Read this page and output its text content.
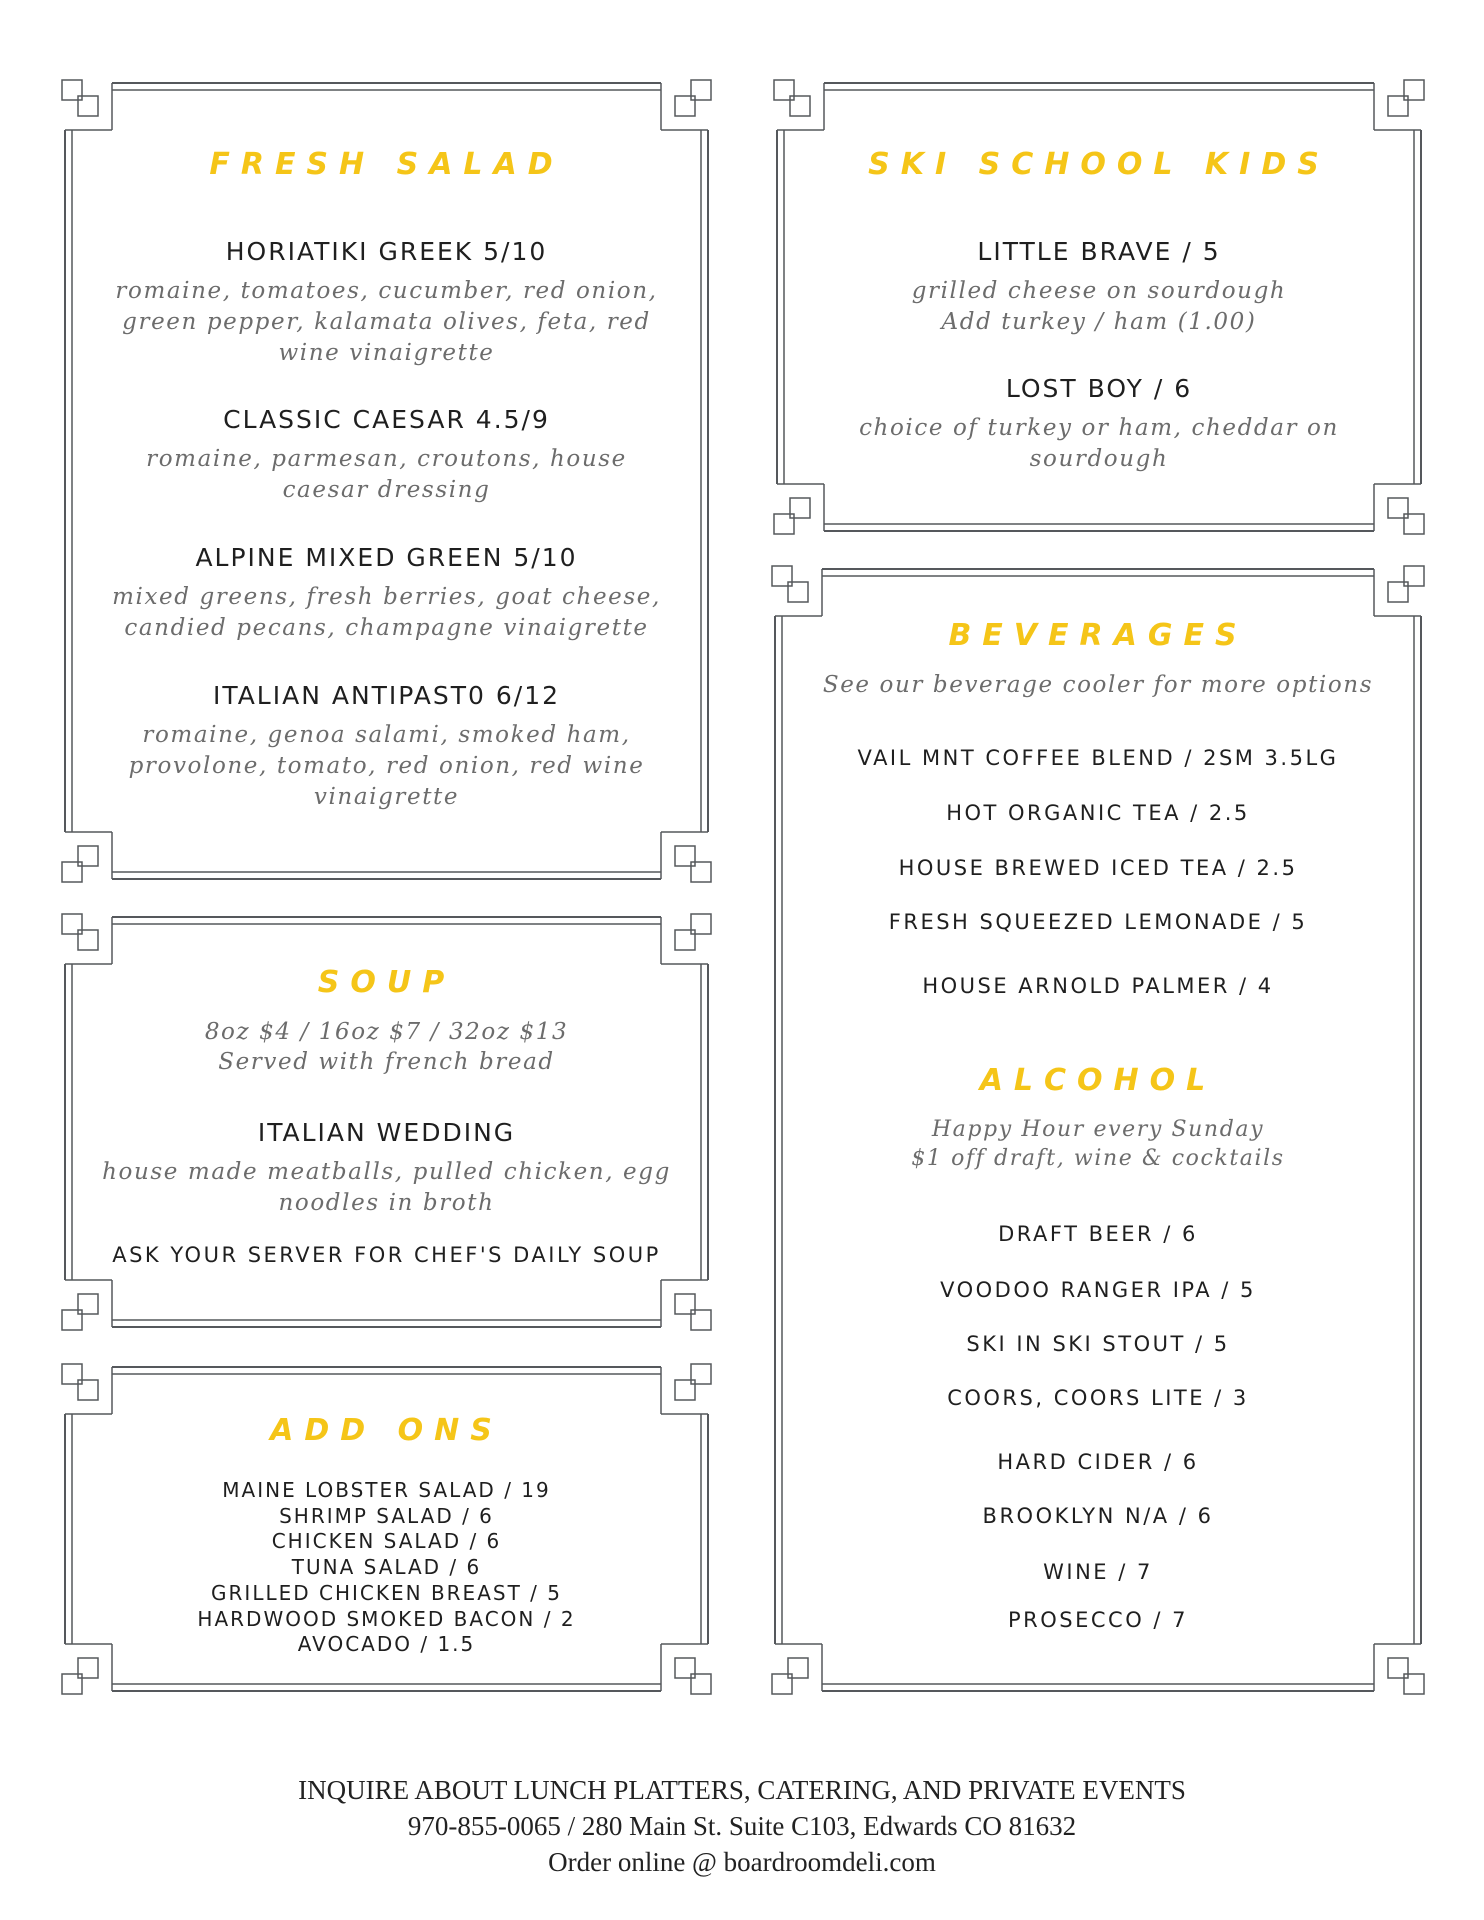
FRESH SALAD
HORIATIKI GREEK 5/10
romaine, tomatoes, cucumber, red onion,
green pepper, kalamata olives, feta, red
wine vinaigrette
CLASSIC CAESAR 4.5/9
romaine, parmesan, croutons, house
caesar dressing
ALPINE MIXED GREEN 5/10
mixed greens, fresh berries, goat cheese,
candied pecans, champagne vinaigrette
ITALIAN ANTIPAST0 6/12
romaine, genoa salami, smoked ham,
provolone, tomato, red onion, red wine
vinaigrette
SOUP
8oz $4 / 16oz $7 / 32oz $13
Served with french bread
ITALIAN WEDDING
house made meatballs, pulled chicken, egg
noodles in broth
ASK YOUR SERVER FOR CHEF'S DAILY SOUP
ADD ONS
MAINE LOBSTER SALAD / 19
SHRIMP SALAD / 6
CHICKEN SALAD / 6
TUNA SALAD / 6
GRILLED CHICKEN BREAST / 5
HARDWOOD SMOKED BACON / 2
AVOCADO / 1.5
SKI SCHOOL KIDS
LITTLE BRAVE / 5
grilled cheese on sourdough
Add turkey / ham (1.00)
LOST BOY / 6
choice of turkey or ham, cheddar on
sourdough
BEVERAGES
See our beverage cooler for more options
VAIL MNT COFFEE BLEND / 2SM 3.5LG
HOT ORGANIC TEA / 2.5
HOUSE BREWED ICED TEA / 2.5
FRESH SQUEEZED LEMONADE / 5
HOUSE ARNOLD PALMER / 4
ALCOHOL
Happy Hour every Sunday
$1 off draft, wine & cocktails
DRAFT BEER / 6
VOODOO RANGER IPA / 5
SKI IN SKI STOUT / 5
COORS, COORS LITE / 3
HARD CIDER / 6
BROOKLYN N/A / 6
WINE / 7
PROSECCO / 7
INQUIRE ABOUT LUNCH PLATTERS, CATERING, AND PRIVATE EVENTS
970-855-0065 / 280 Main St. Suite C103, Edwards CO 81632
Order online @ boardroomdeli.com
